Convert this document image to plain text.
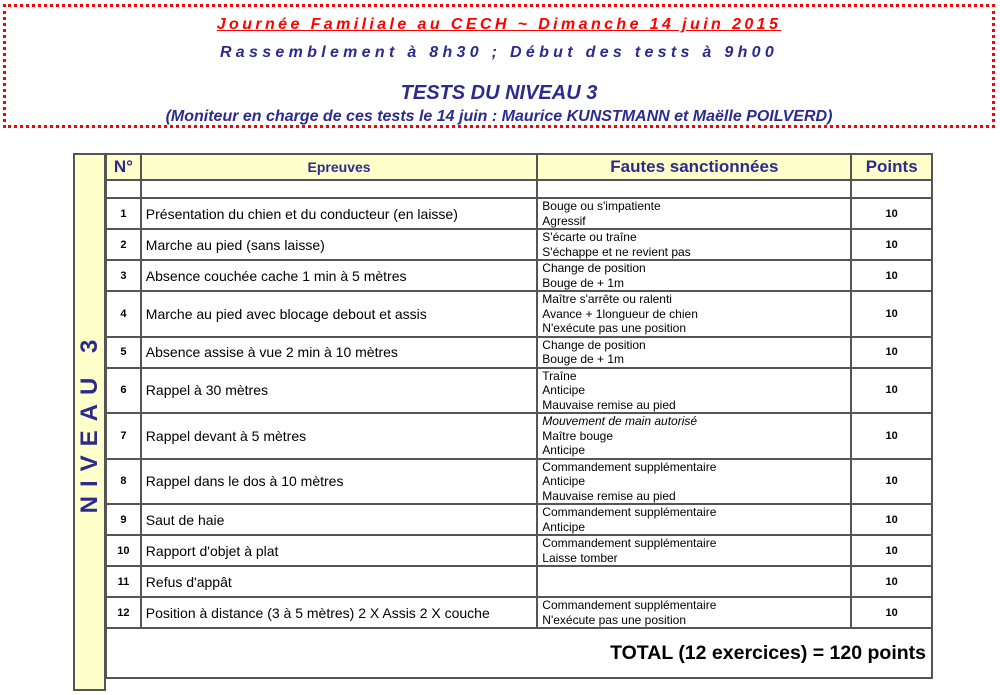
Journée Familiale au CECH ~ Dimanche 14 juin 2015
Rassemblement à 8h30 ; Début des tests à 9h00
TESTS DU NIVEAU 3
(Moniteur en charge de ces tests le 14 juin : Maurice KUNSTMANN et Maëlle POILVERD)
NIVEAU 3
N°	Epreuves	Fautes sanctionnées	Points

1	Présentation du chien et du conducteur (en laisse)	Bouge ou s'impatiente
Agressif	10
2	Marche au pied (sans laisse)	S'écarte ou traîne
S'échappe et ne revient pas	10
3	Absence couchée cache 1 min à 5 mètres	Change de position
Bouge de + 1m	10
4	Marche au pied avec blocage debout et assis	Maître s'arrête ou ralenti
Avance + 1longueur de chien
N'exécute pas une position	10
5	Absence assise à vue 2 min à 10 mètres	Change de position
Bouge de + 1m	10
6	Rappel à 30 mètres	Traîne
Anticipe
Mauvaise remise au pied	10
7	Rappel devant à 5 mètres	Mouvement de main autorisé
Maître bouge
Anticipe	10
8	Rappel dans le dos à 10 mètres	Commandement supplémentaire
Anticipe
Mauvaise remise au pied	10
9	Saut de haie	Commandement supplémentaire
Anticipe	10
10	Rapport d'objet à plat	Commandement supplémentaire
Laisse tomber	10
11	Refus d'appât		10
12	Position à distance (3 à 5 mètres) 2 X Assis 2 X couche	Commandement supplémentaire
N'exécute pas une position	10
TOTAL (12 exercices) = 120 points			
